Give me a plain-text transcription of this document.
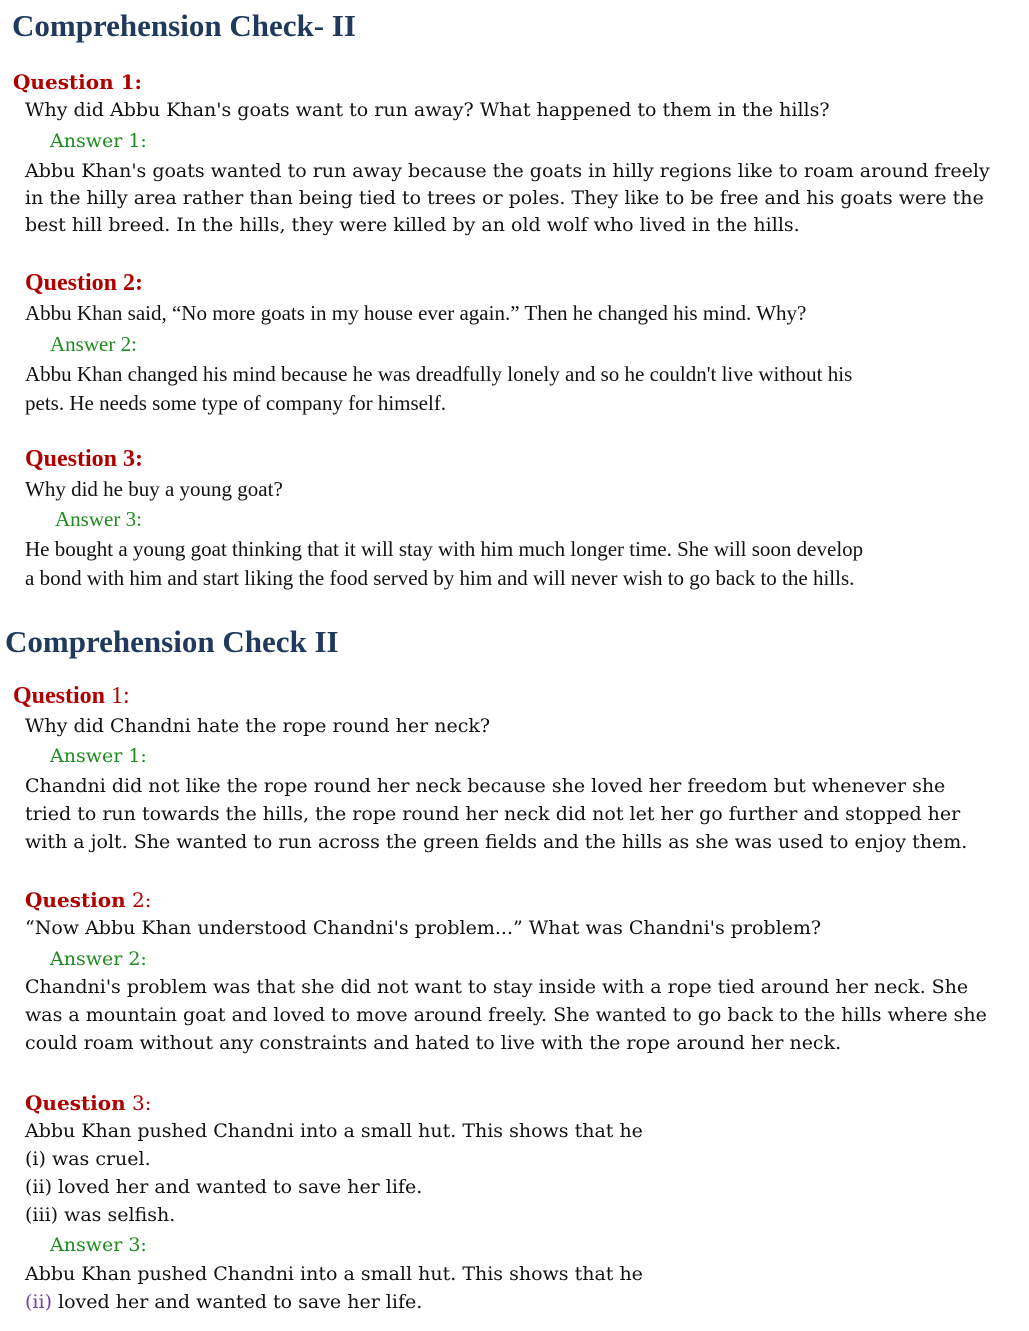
Comprehension Check- II
Question 1:
Why did Abbu Khan's goats want to run away? What happened to them in the hills?
Answer 1:
Abbu Khan's goats wanted to run away because the goats in hilly regions like to roam around freely
in the hilly area rather than being tied to trees or poles. They like to be free and his goats were the
best hill breed. In the hills, they were killed by an old wolf who lived in the hills.
Question 2:
Abbu Khan said, “No more goats in my house ever again.” Then he changed his mind. Why?
Answer 2:
Abbu Khan changed his mind because he was dreadfully lonely and so he couldn't live without his
pets. He needs some type of company for himself.
Question 3:
Why did he buy a young goat?
Answer 3:
He bought a young goat thinking that it will stay with him much longer time. She will soon develop
a bond with him and start liking the food served by him and will never wish to go back to the hills.
Comprehension Check II
Question 1:
Why did Chandni hate the rope round her neck?
Answer 1:
Chandni did not like the rope round her neck because she loved her freedom but whenever she
tried to run towards the hills, the rope round her neck did not let her go further and stopped her
with a jolt. She wanted to run across the green fields and the hills as she was used to enjoy them.
Question 2:
“Now Abbu Khan understood Chandni's problem...” What was Chandni's problem?
Answer 2:
Chandni's problem was that she did not want to stay inside with a rope tied around her neck. She
was a mountain goat and loved to move around freely. She wanted to go back to the hills where she
could roam without any constraints and hated to live with the rope around her neck.
Question 3:
Abbu Khan pushed Chandni into a small hut. This shows that he
(i) was cruel.
(ii) loved her and wanted to save her life.
(iii) was selfish.
Answer 3:
Abbu Khan pushed Chandni into a small hut. This shows that he
(ii) loved her and wanted to save her life.
